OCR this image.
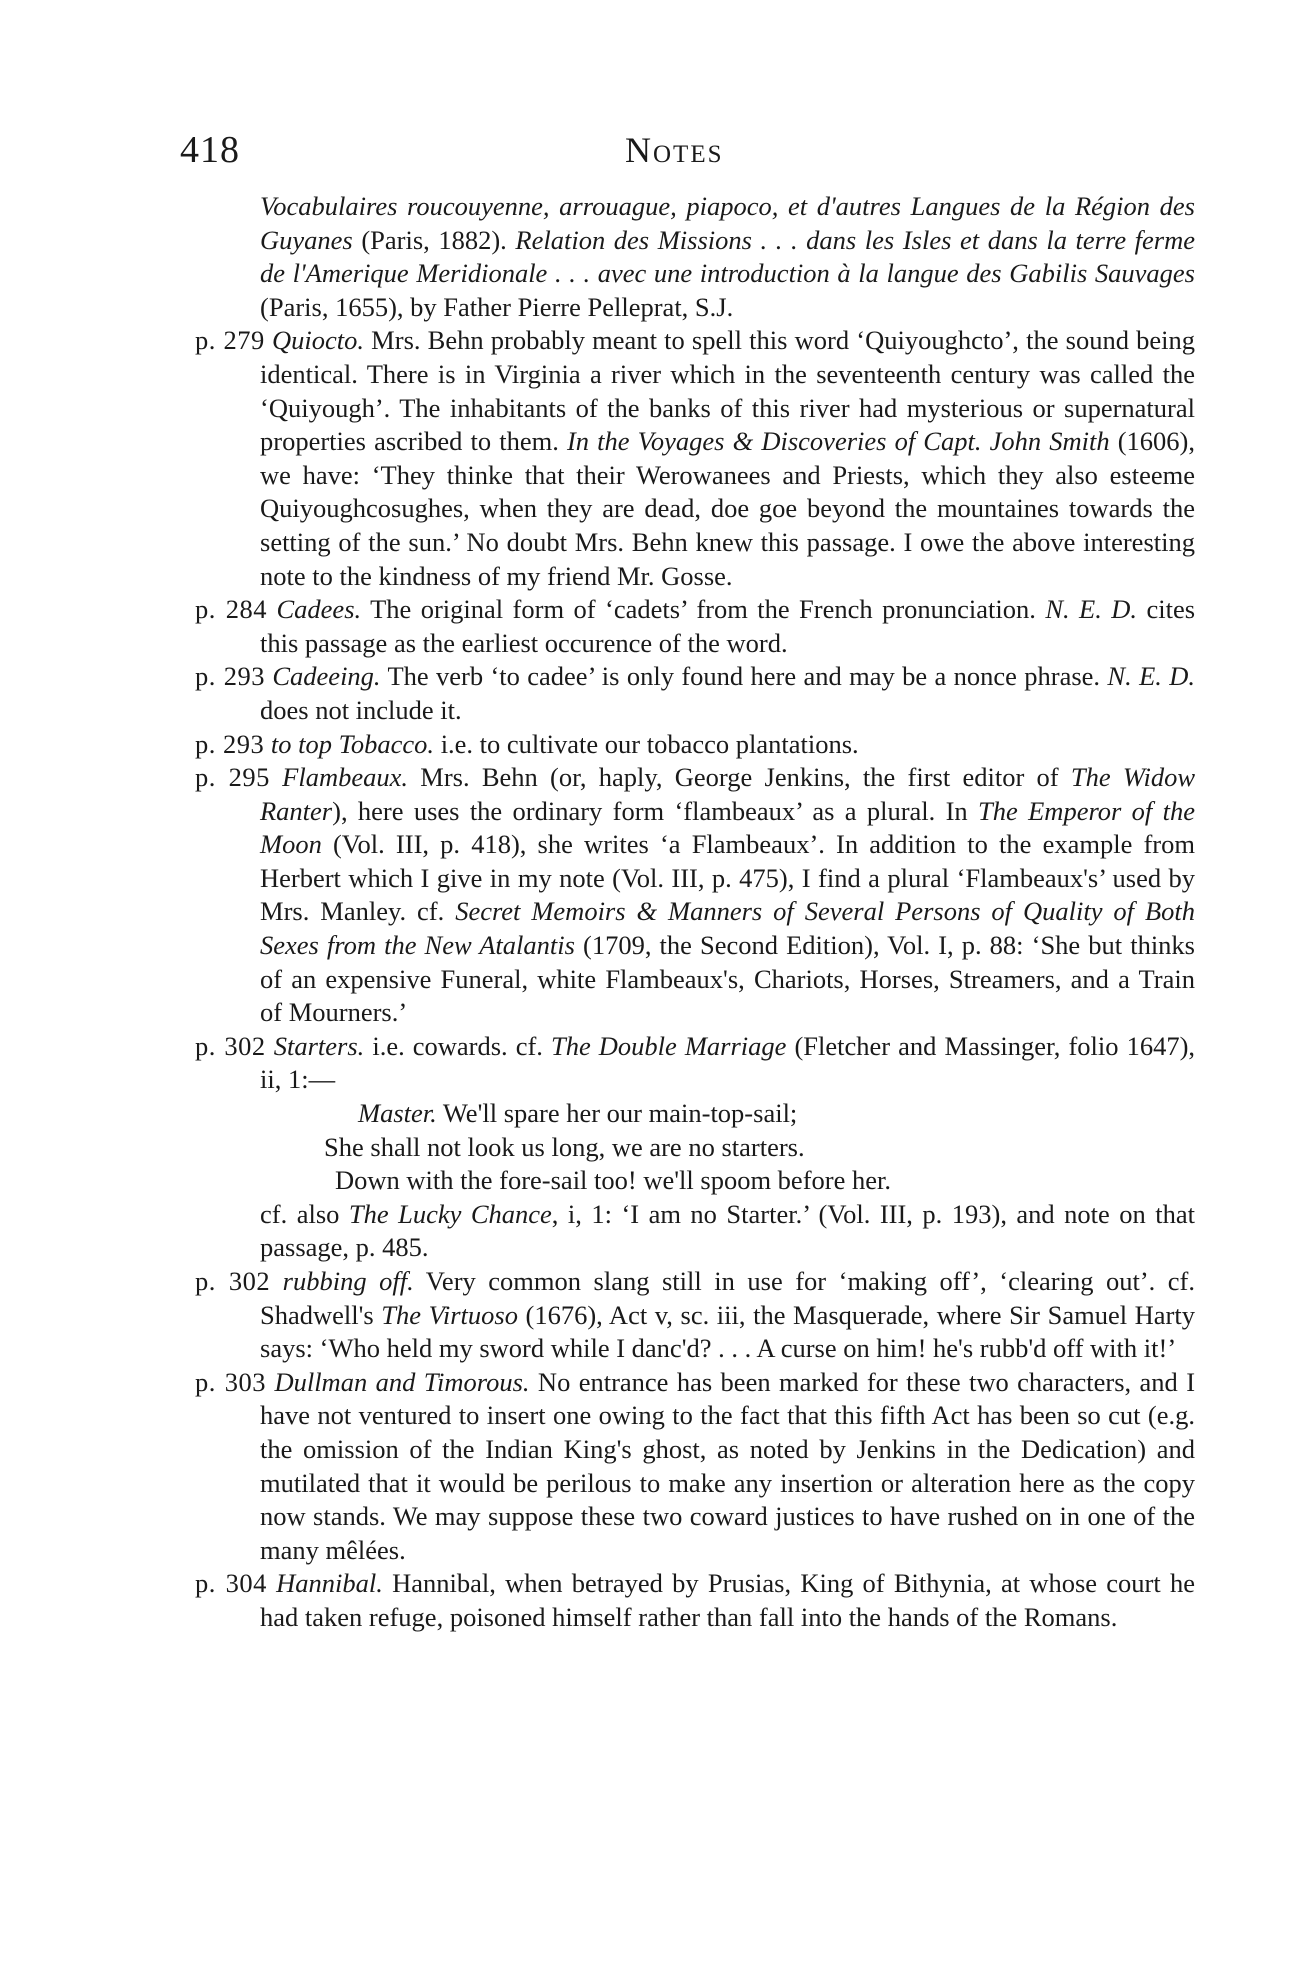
418	Notes

Vocabulaires roucouyenne, arrouague, piapoco, et d'autres Langues de la Région des Guyanes (Paris, 1882). Relation des Missions . . . dans les Isles et dans la terre ferme de l'Amerique Meridionale . . . avec une introduction à la langue des Gabilis Sauvages (Paris, 1655), by Father Pierre Pelleprat, S.J.

p. 279 Quiocto. Mrs. Behn probably meant to spell this word ‘Quiyoughcto’, the sound being identical. There is in Virginia a river which in the seventeenth century was called the ‘Quiyough’. The inhabitants of the banks of this river had mysterious or supernatural properties ascribed to them. In the Voyages & Discoveries of Capt. John Smith (1606), we have: ‘They thinke that their Werowanees and Priests, which they also esteeme Quiyoughcosughes, when they are dead, doe goe beyond the mountaines towards the setting of the sun.’ No doubt Mrs. Behn knew this passage. I owe the above interesting note to the kindness of my friend Mr. Gosse.

p. 284 Cadees. The original form of ‘cadets’ from the French pronunciation. N. E. D. cites this passage as the earliest occurence of the word.

p. 293 Cadeeing. The verb ‘to cadee’ is only found here and may be a nonce phrase. N. E. D. does not include it.

p. 293 to top Tobacco. i.e. to cultivate our tobacco plantations.

p. 295 Flambeaux. Mrs. Behn (or, haply, George Jenkins, the first editor of The Widow Ranter), here uses the ordinary form ‘flambeaux’ as a plural. In The Emperor of the Moon (Vol. III, p. 418), she writes ‘a Flambeaux’. In addition to the example from Herbert which I give in my note (Vol. III, p. 475), I find a plural ‘Flambeaux's’ used by Mrs. Manley. cf. Secret Memoirs & Manners of Several Persons of Quality of Both Sexes from the New Atalantis (1709, the Second Edition), Vol. I, p. 88: ‘She but thinks of an expensive Funeral, white Flambeaux's, Chariots, Horses, Streamers, and a Train of Mourners.’

p. 302 Starters. i.e. cowards. cf. The Double Marriage (Fletcher and Massinger, folio 1647), ii, 1:—

Master. We'll spare her our main-top-sail;
She shall not look us long, we are no starters.
Down with the fore-sail too! we'll spoom before her.

cf. also The Lucky Chance, i, 1: ‘I am no Starter.’ (Vol. III, p. 193), and note on that passage, p. 485.

p. 302 rubbing off. Very common slang still in use for ‘making off’, ‘clearing out’. cf. Shadwell's The Virtuoso (1676), Act v, sc. iii, the Masquerade, where Sir Samuel Harty says: ‘Who held my sword while I danc'd? . . . A curse on him! he's rubb'd off with it!’

p. 303 Dullman and Timorous. No entrance has been marked for these two characters, and I have not ventured to insert one owing to the fact that this fifth Act has been so cut (e.g. the omission of the Indian King's ghost, as noted by Jenkins in the Dedication) and mutilated that it would be perilous to make any insertion or alteration here as the copy now stands. We may suppose these two coward justices to have rushed on in one of the many mêlées.

p. 304 Hannibal. Hannibal, when betrayed by Prusias, King of Bithynia, at whose court he had taken refuge, poisoned himself rather than fall into the hands of the Romans.
